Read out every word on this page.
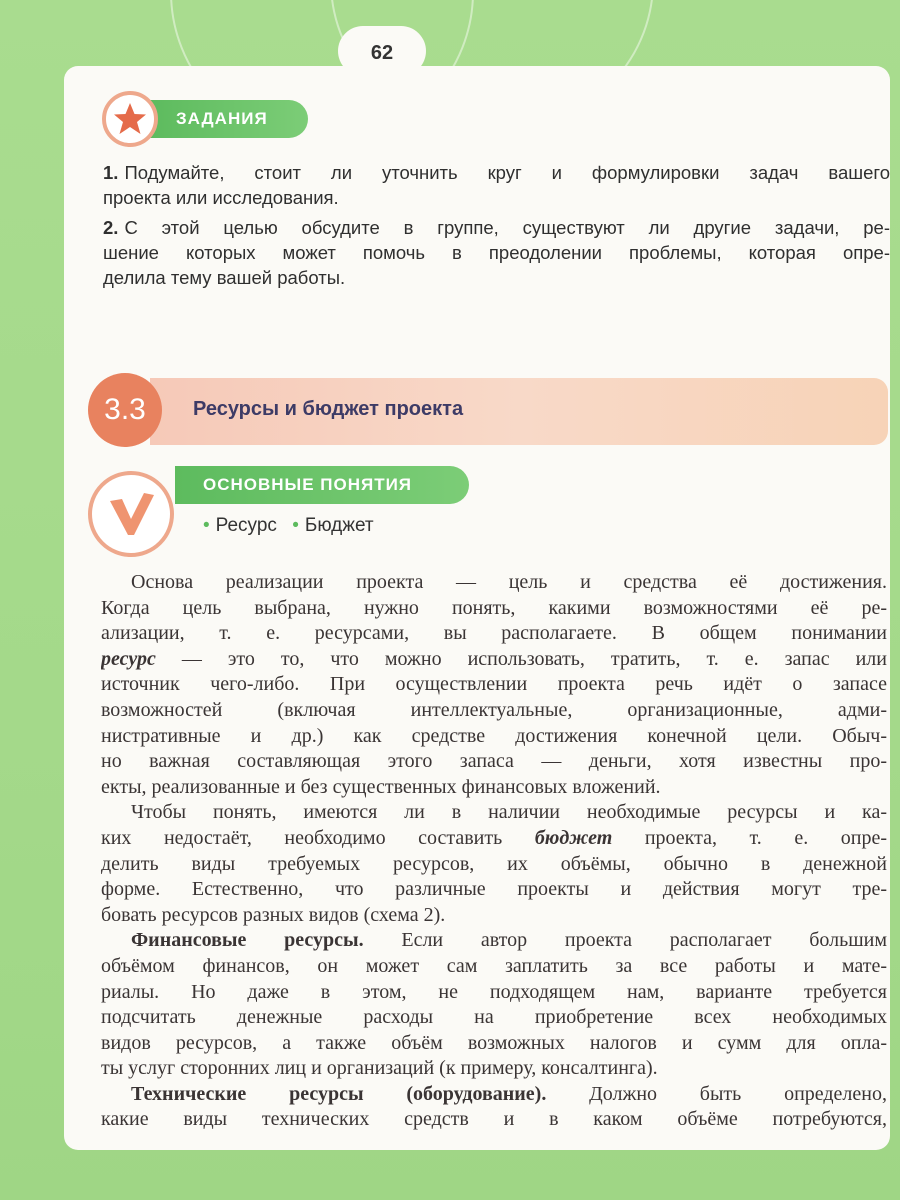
62
ЗАДАНИЯ

1. Подумайте, стоит ли уточнить круг и формулировки задач вашего
проекта или исследования.

2. С этой целью обсудите в группе, существуют ли другие задачи, ре-
шение которых может помочь в преодолении проблемы, которая опре-
делила тему вашей работы.

3.3	Ресурсы и бюджет проекта
ОСНОВНЫЕ ПОНЯТИЯ
• Ресурс • Бюджет
Основа реализации проекта — цель и средства её достижения.
Когда цель выбрана, нужно понять, какими возможностями её ре-
ализации, т. е. ресурсами, вы располагаете. В общем понимании
ресурс — это то, что можно использовать, тратить, т. е. запас или
источник чего-либо. При осуществлении проекта речь идёт о запасе
возможностей (включая интеллектуальные, организационные, адми-
нистративные и др.) как средстве достижения конечной цели. Обыч-
но важная составляющая этого запаса — деньги, хотя известны про-
екты, реализованные и без существенных финансовых вложений.
Чтобы понять, имеются ли в наличии необходимые ресурсы и ка-
ких недостаёт, необходимо составить бюджет проекта, т. е. опре-
делить виды требуемых ресурсов, их объёмы, обычно в денежной
форме. Естественно, что различные проекты и действия могут тре-
бовать ресурсов разных видов (схема 2).
Финансовые ресурсы. Если автор проекта располагает большим
объёмом финансов, он может сам заплатить за все работы и мате-
риалы. Но даже в этом, не подходящем нам, варианте требуется
подсчитать денежные расходы на приобретение всех необходимых
видов ресурсов, а также объём возможных налогов и сумм для опла-
ты услуг сторонних лиц и организаций (к примеру, консалтинга).
Технические ресурсы (оборудование). Должно быть определено,
какие виды технических средств и в каком объёме потребуются,
